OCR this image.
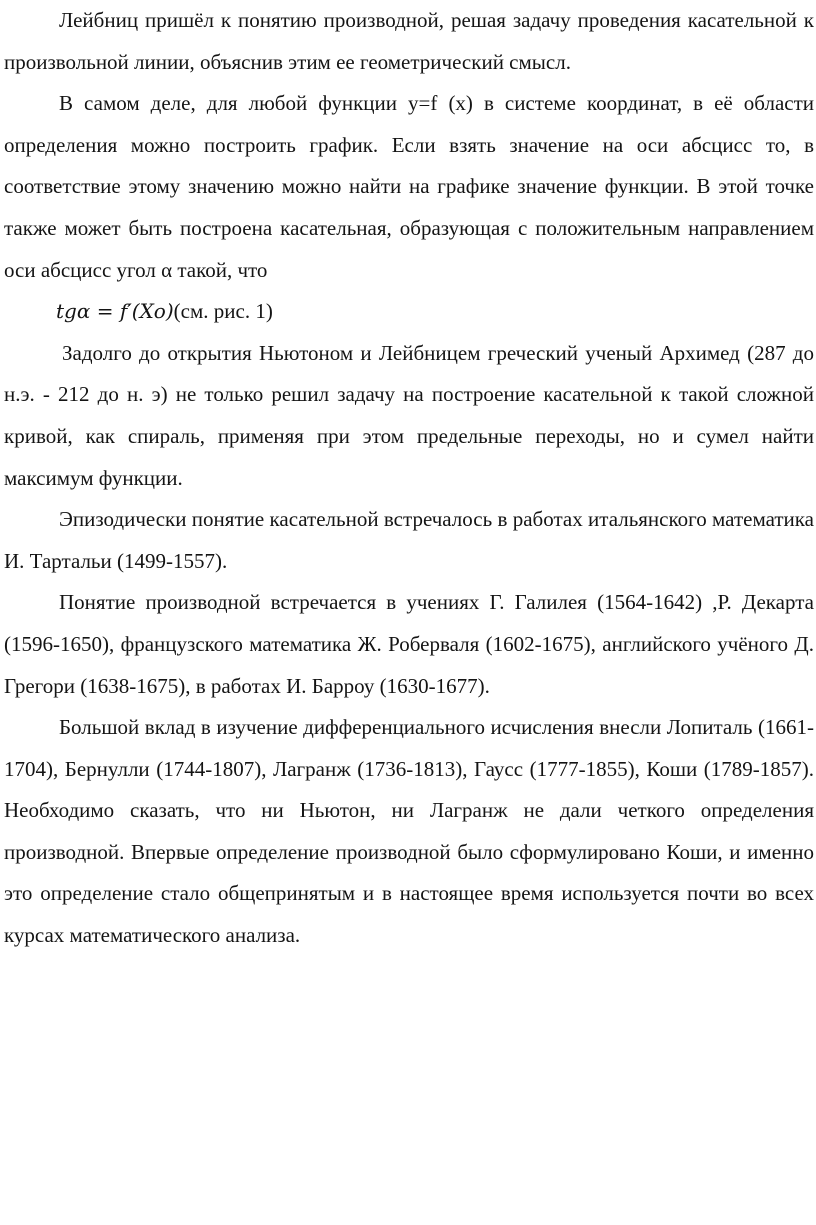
Лейбниц пришёл к понятию производной, решая задачу проведения касательной к произвольной линии, объяснив этим ее геометрический смысл.

В самом деле, для любой функции y=f (x) в системе координат, в её области определения можно построить график. Если взять значение на оси абсцисс то, в соответствие этому значению можно найти на графике значение функции. В этой точке также может быть построена касательная, образующая с положительным направлением оси абсцисс угол α такой, что

𝑡𝑔𝛼 = 𝑓′(𝑋o)(см. рис. 1)

Задолго до открытия Ньютоном и Лейбницем греческий ученый Архимед (287 до н.э. - 212 до н. э) не только решил задачу на построение касательной к такой сложной кривой, как спираль, применяя при этом предельные переходы, но и сумел найти максимум функции.

Эпизодически понятие касательной встречалось в работах итальянского математика И. Тартальи (1499-1557).

Понятие производной встречается в учениях Г. Галилея (1564-1642) ,Р. Декарта (1596-1650), французского математика Ж. Роберваля (1602-1675), английского учёного Д. Грегори (1638-1675), в работах И. Барроу (1630-1677).

Большой вклад в изучение дифференциального исчисления внесли Лопиталь (1661-1704), Бернулли (1744-1807), Лагранж (1736-1813), Гаусс (1777-1855), Коши (1789-1857). Необходимо сказать, что ни Ньютон, ни Лагранж не дали четкого определения производной. Впервые определение производной было сформулировано Коши, и именно это определение стало общепринятым и в настоящее время используется почти во всех курсах математического анализа.
